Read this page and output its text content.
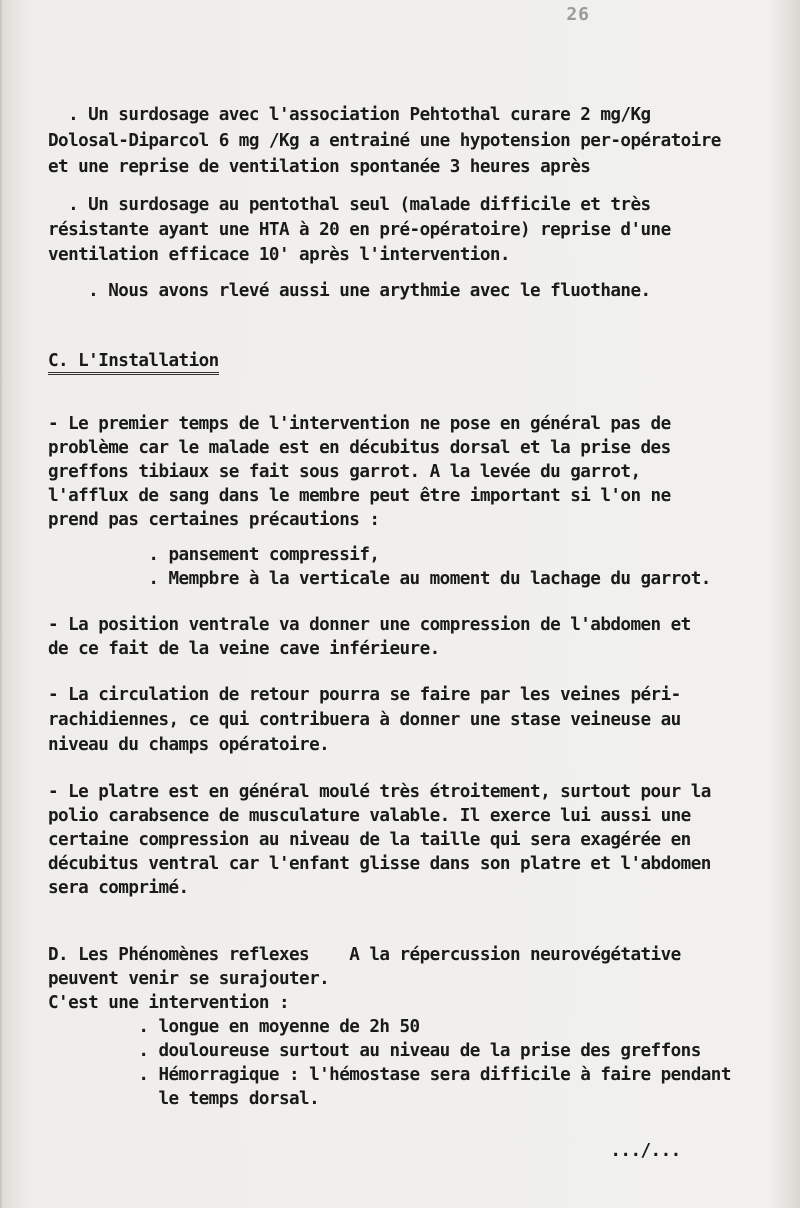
26
. Un surdosage avec l'association Pehtothal curare 2 mg/Kg
Dolosal-Diparcol 6 mg /Kg a entrainé une hypotension per-opératoire
et une reprise de ventilation spontanée 3 heures après
. Un surdosage au pentothal seul (malade difficile et très
résistante ayant une HTA à 20 en pré-opératoire) reprise d'une
ventilation efficace 10' après l'intervention.
. Nous avons rlevé aussi une arythmie avec le fluothane.
C. L'Installation
- Le premier temps de l'intervention ne pose en général pas de
problème car le malade est en décubitus dorsal et la prise des
greffons tibiaux se fait sous garrot. A la levée du garrot,
l'afflux de sang dans le membre peut être important si l'on ne
prend pas certaines précautions :
. pansement compressif,
. Mempbre à la verticale au moment du lachage du garrot.
- La position ventrale va donner une compression de l'abdomen et
de ce fait de la veine cave inférieure.
- La circulation de retour pourra se faire par les veines péri-
rachidiennes, ce qui contribuera à donner une stase veineuse au
niveau du champs opératoire.
- Le platre est en général moulé très étroitement, surtout pour la
polio carabsence de musculature valable. Il exerce lui aussi une
certaine compression au niveau de la taille qui sera exagérée en
décubitus ventral car l'enfant glisse dans son platre et l'abdomen
sera comprimé.
D. Les Phénomènes reflexes    A la répercussion neurovégétative
peuvent venir se surajouter.
C'est une intervention :
. longue en moyenne de 2h 50
. douloureuse surtout au niveau de la prise des greffons
. Hémorragique : l'hémostase sera difficile à faire pendant
le temps dorsal.
.../...
